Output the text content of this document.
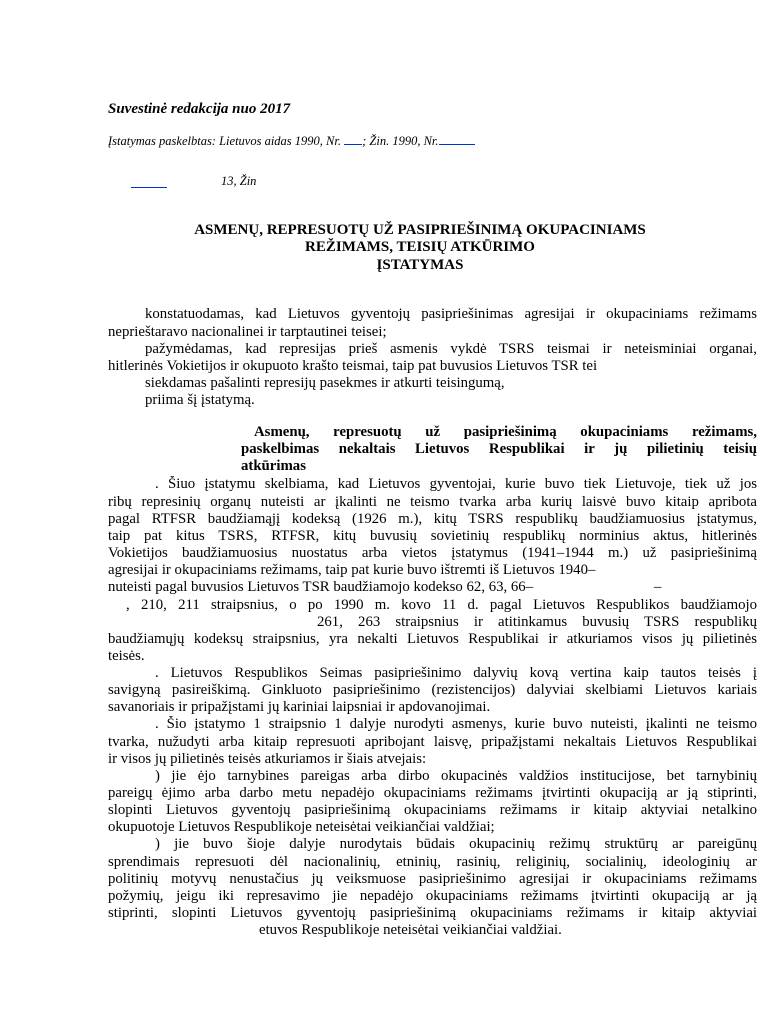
Suvestinė redakcija nuo 2017
Įstatymas paskelbtas: Lietuvos aidas 1990, Nr. ; Žin. 1990, Nr.
13, Žin
ASMENŲ, REPRESUOTŲ UŽ PASIPRIEŠINIMĄ OKUPACINIAMS
REŽIMAMS, TEISIŲ ATKŪRIMO
ĮSTATYMAS
konstatuodamas, kad Lietuvos gyventojų pasipriešinimas agresijai ir okupaciniams režimams
neprieštaravo nacionalinei ir tarptautinei teisei;
pažymėdamas, kad represijas prieš asmenis vykdė TSRS teismai ir neteisminiai organai,
hitlerinės Vokietijos ir okupuoto krašto teismai, taip pat buvusios Lietuvos TSR tei
siekdamas pašalinti represijų pasekmes ir atkurti teisingumą,
priima šį įstatymą.
Asmenų, represuotų už pasipriešinimą okupaciniams režimams,
paskelbimas nekaltais Lietuvos Respublikai ir jų pilietinių teisių
atkūrimas
. Šiuo įstatymu skelbiama, kad Lietuvos gyventojai, kurie buvo tiek Lietuvoje, tiek už jos
ribų represinių organų nuteisti ar įkalinti ne teismo tvarka arba kurių laisvė buvo kitaip apribota
pagal RTFSR baudžiamąjį kodeksą (1926 m.), kitų TSRS respublikų baudžiamuosius įstatymus,
taip pat kitus TSRS, RTFSR, kitų buvusių sovietinių respublikų norminius aktus, hitlerinės
Vokietijos baudžiamuosius nuostatus arba vietos įstatymus (1941–1944 m.) už pasipriešinimą
agresijai ir okupaciniams režimams, taip pat kurie buvo ištremti iš Lietuvos 1940–
nuteisti pagal buvusios Lietuvos TSR baudžiamojo kodekso 62, 63, 66–	–
, 210, 211 straipsnius, o po 1990 m. kovo 11 d. pagal Lietuvos Respublikos baudžiamojo
261, 263 straipsnius ir atitinkamus buvusių TSRS respublikų
baudžiamųjų kodeksų straipsnius, yra nekalti Lietuvos Respublikai ir atkuriamos visos jų pilietinės
teisės.
. Lietuvos Respublikos Seimas pasipriešinimo dalyvių kovą vertina kaip tautos teisės į
savigyną pasireiškimą. Ginkluoto pasipriešinimo (rezistencijos) dalyviai skelbiami Lietuvos kariais
savanoriais ir pripažįstami jų kariniai laipsniai ir apdovanojimai.
. Šio įstatymo 1 straipsnio 1 dalyje nurodyti asmenys, kurie buvo nuteisti, įkalinti ne teismo
tvarka, nužudyti arba kitaip represuoti apribojant laisvę, pripažįstami nekaltais Lietuvos Respublikai
ir visos jų pilietinės teisės atkuriamos ir šiais atvejais:
) jie ėjo tarnybines pareigas arba dirbo okupacinės valdžios institucijose, bet tarnybinių
pareigų ėjimo arba darbo metu nepadėjo okupaciniams režimams įtvirtinti okupaciją ar ją stiprinti,
slopinti Lietuvos gyventojų pasipriešinimą okupaciniams režimams ir kitaip aktyviai netalkino
okupuotoje Lietuvos Respublikoje neteisėtai veikiančiai valdžiai;
) jie buvo šioje dalyje nurodytais būdais okupacinių režimų struktūrų ar pareigūnų
sprendimais represuoti dėl nacionalinių, etninių, rasinių, religinių, socialinių, ideologinių ar
politinių motyvų nenustačius jų veiksmuose pasipriešinimo agresijai ir okupaciniams režimams
požymių, jeigu iki represavimo jie nepadėjo okupaciniams režimams įtvirtinti okupaciją ar ją
stiprinti, slopinti Lietuvos gyventojų pasipriešinimą okupaciniams režimams ir kitaip aktyviai
etuvos Respublikoje neteisėtai veikiančiai valdžiai.
